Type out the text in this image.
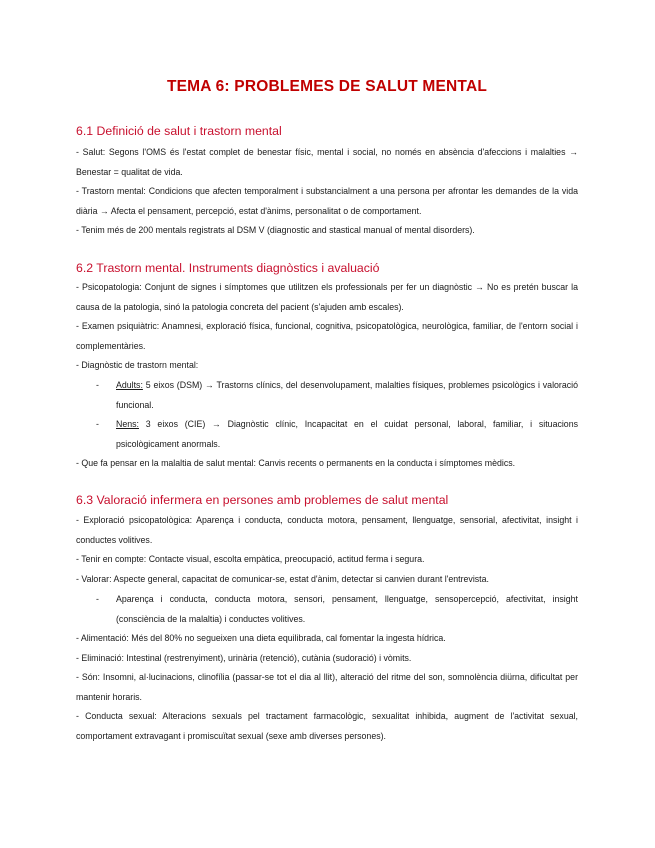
TEMA 6: PROBLEMES DE SALUT MENTAL
6.1 Definició de salut i trastorn mental
- Salut: Segons l'OMS és l'estat complet de benestar físic, mental i social, no només en absència d'afeccions i malalties → Benestar = qualitat de vida.
- Trastorn mental: Condicions que afecten temporalment i substancialment a una persona per afrontar les demandes de la vida diària → Afecta el pensament, percepció, estat d'ànims, personalitat o de comportament.
- Tenim més de 200 mentals registrats al DSM V (diagnostic and stastical manual of mental disorders).
6.2 Trastorn mental. Instruments diagnòstics i avaluació
- Psicopatologia: Conjunt de signes i símptomes que utilitzen els professionals per fer un diagnòstic → No es pretén buscar la causa de la patologia, sinó la patologia concreta del pacient (s'ajuden amb escales).
- Examen psiquiàtric: Anamnesi, exploració física, funcional, cognitiva, psicopatològica, neurològica, familiar, de l'entorn social i complementàries.
- Diagnòstic de trastorn mental:
- Adults: 5 eixos (DSM) → Trastorns clínics, del desenvolupament, malalties físiques, problemes psicològics i valoració funcional.
- Nens: 3 eixos (CIE) → Diagnòstic clínic, Incapacitat en el cuidat personal, laboral, familiar, i situacions psicològicament anormals.
- Que fa pensar en la malaltia de salut mental: Canvis recents o permanents en la conducta i símptomes mèdics.
6.3 Valoració infermera en persones amb problemes de salut mental
- Exploració psicopatològica: Aparença i conducta, conducta motora, pensament, llenguatge, sensorial, afectivitat, insight i conductes volitives.
- Tenir en compte: Contacte visual, escolta empàtica, preocupació, actitud ferma i segura.
- Valorar: Aspecte general, capacitat de comunicar-se, estat d'ànim, detectar si canvien durant l'entrevista.
- Aparença i conducta, conducta motora, sensori, pensament, llenguatge, sensopercepció, afectivitat, insight (consciència de la malaltia) i conductes volitives.
- Alimentació: Més del 80% no segueixen una dieta equilibrada, cal fomentar la ingesta hídrica.
- Eliminació: Intestinal (restrenyiment), urinària (retenció), cutània (sudoració) i vòmits.
- Són: Insomni, al·lucinacions, clinofília (passar-se tot el dia al llit), alteració del ritme del son, somnolència diürna, dificultat per mantenir horaris.
- Conducta sexual: Alteracions sexuals pel tractament farmacològic, sexualitat inhibida, augment de l'activitat sexual, comportament extravagant i promiscuïtat sexual (sexe amb diverses persones).
